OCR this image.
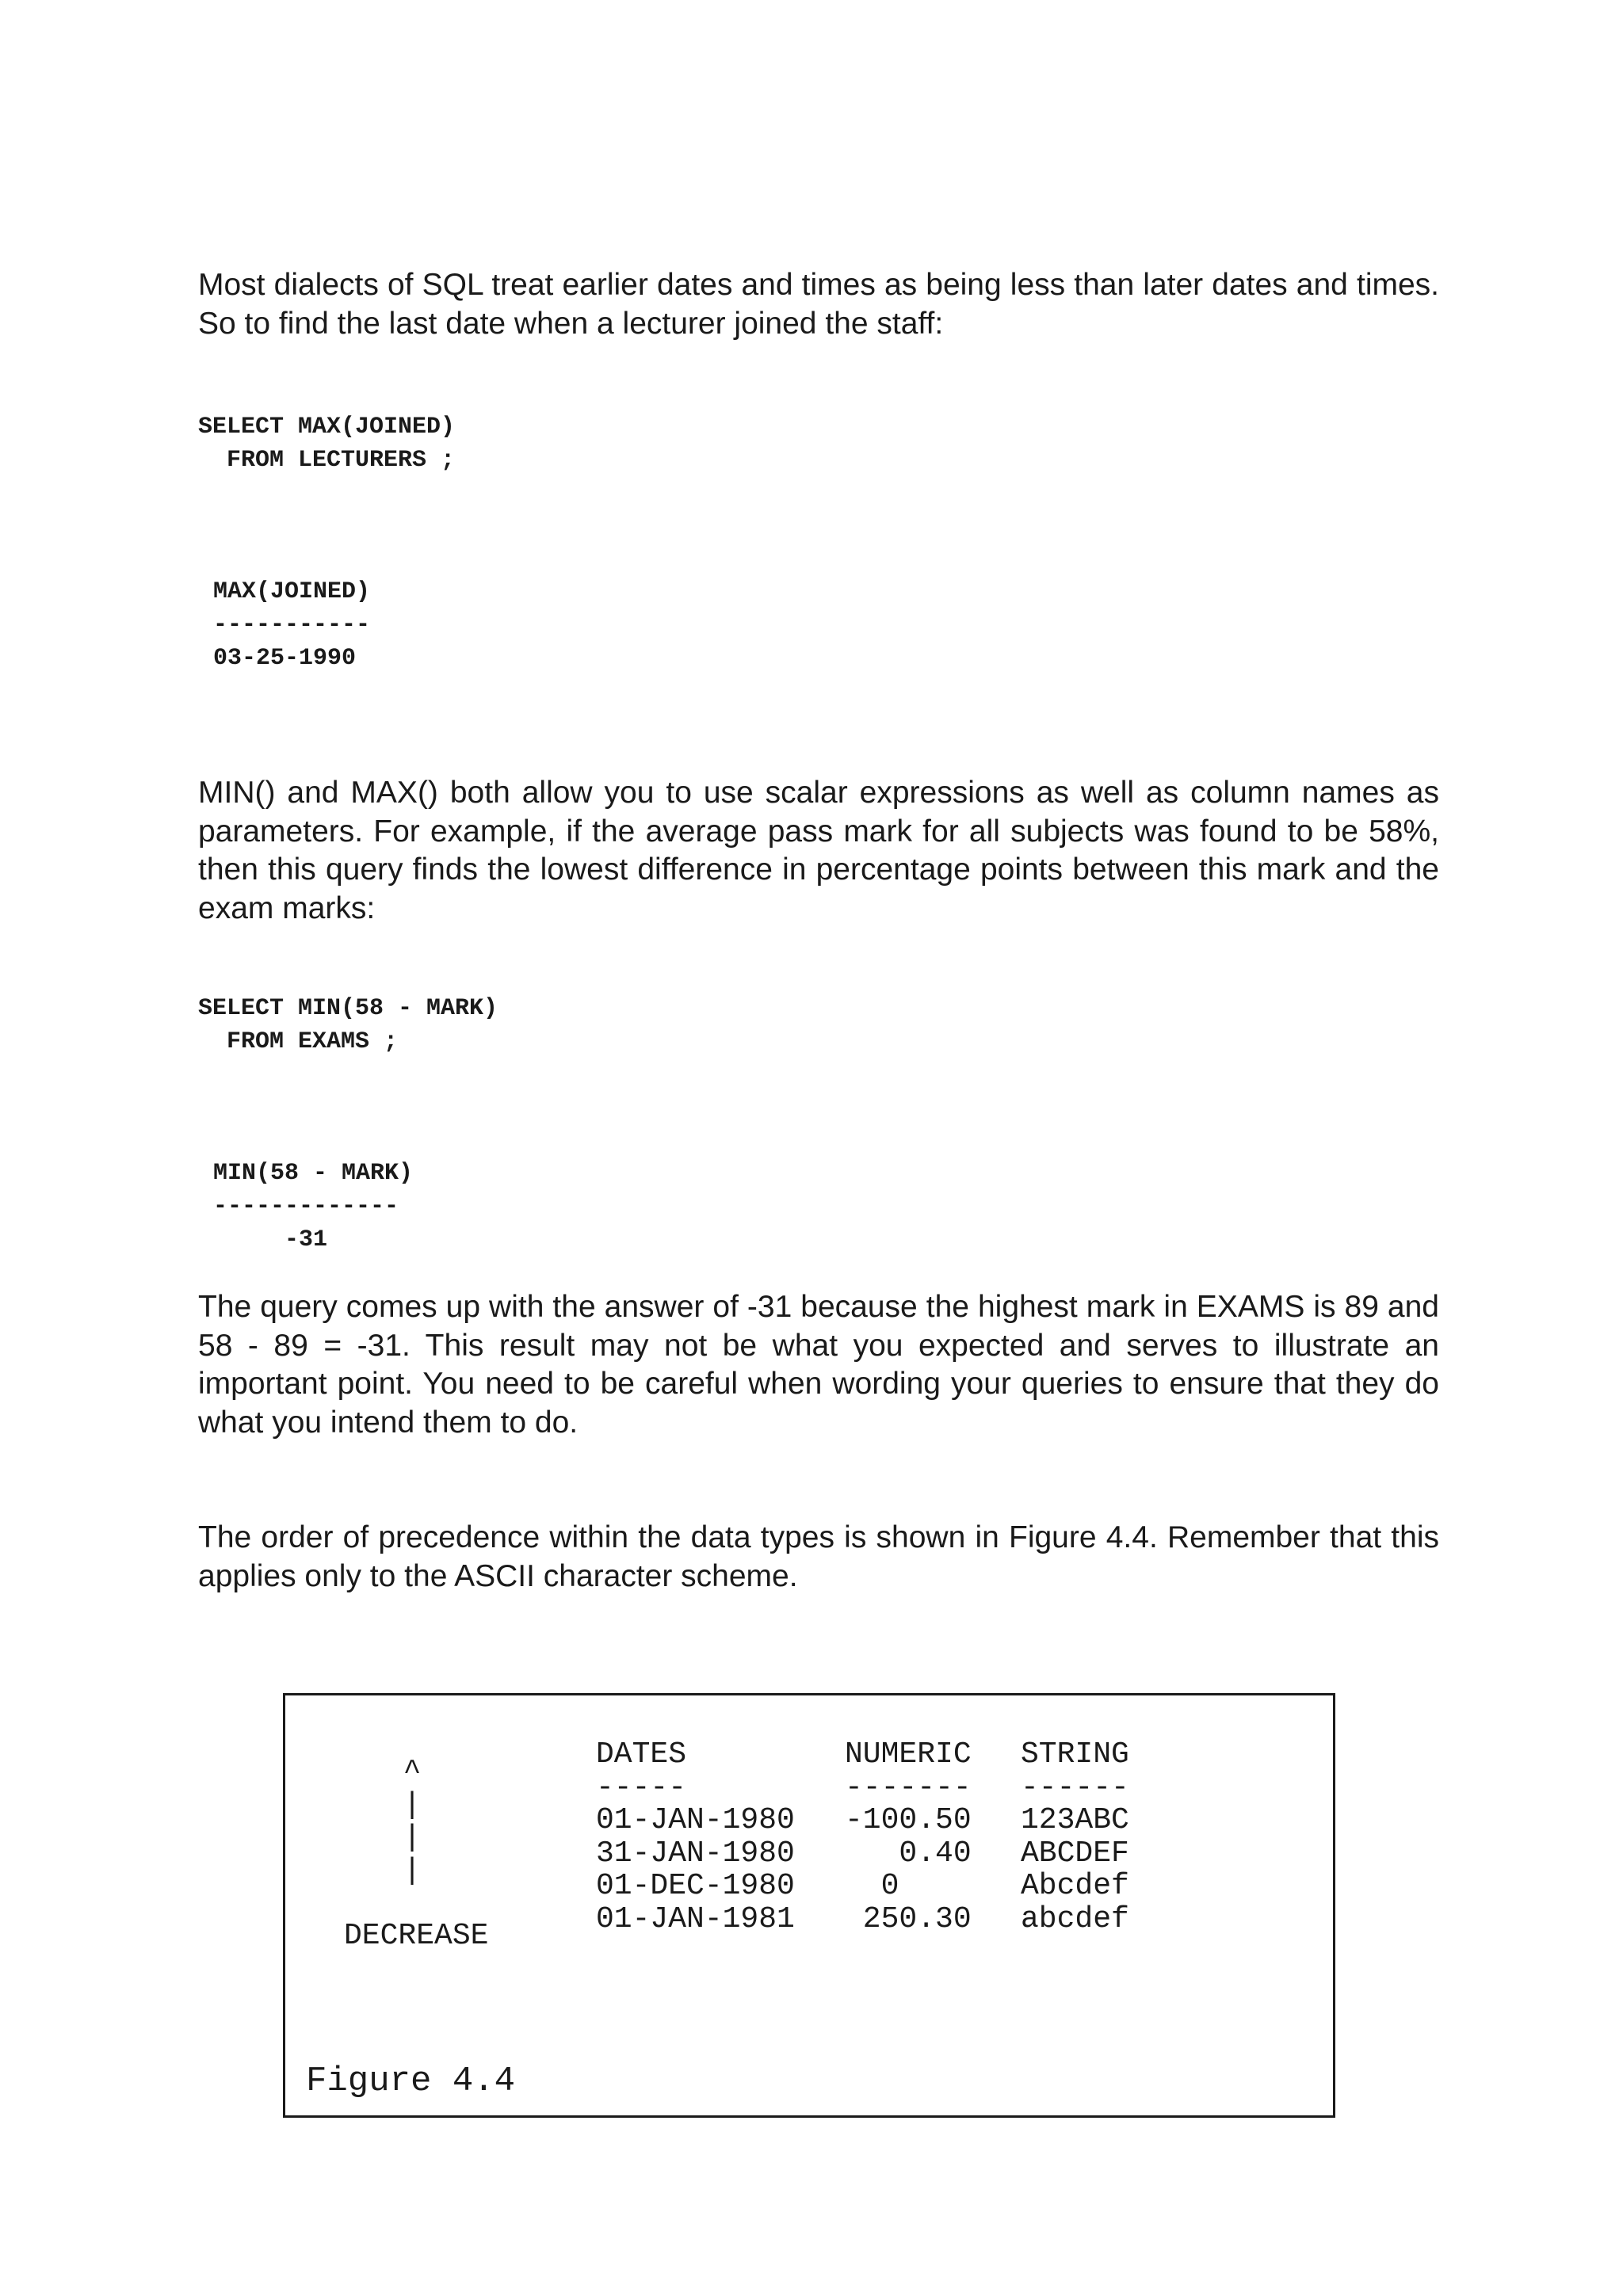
Most dialects of SQL treat earlier dates and times as being less than later dates and times. So to find the last date when a lecturer joined the staff:

SELECT MAX(JOINED)
FROM LECTURERS ;
MAX(JOINED)
-----------
03-25-1990

MIN() and MAX() both allow you to use scalar expressions as well as column names as parameters. For example, if the average pass mark for all subjects was found to be 58%, then this query finds the lowest difference in percentage points between this mark and the exam marks:

SELECT MIN(58 - MARK)
FROM EXAMS ;
MIN(58 - MARK)
-------------
-31

The query comes up with the answer of -31 because the highest mark in EXAMS is 89 and 58 - 89 = -31. This result may not be what you expected and serves to illustrate an important point. You need to be careful when wording your queries to ensure that they do what you intend them to do.

The order of precedence within the data types is shown in Figure 4.4. Remember that this applies only to the ASCII character scheme.

^
|
|
|
DECREASE
DATES
-----
01-JAN-1980
31-JAN-1980
01-DEC-1980
01-JAN-1981
NUMERIC
-------
-100.50
0.40
0
250.30
STRING
------
123ABC
ABCDEF
Abcdef
abcdef
Figure 4.4
